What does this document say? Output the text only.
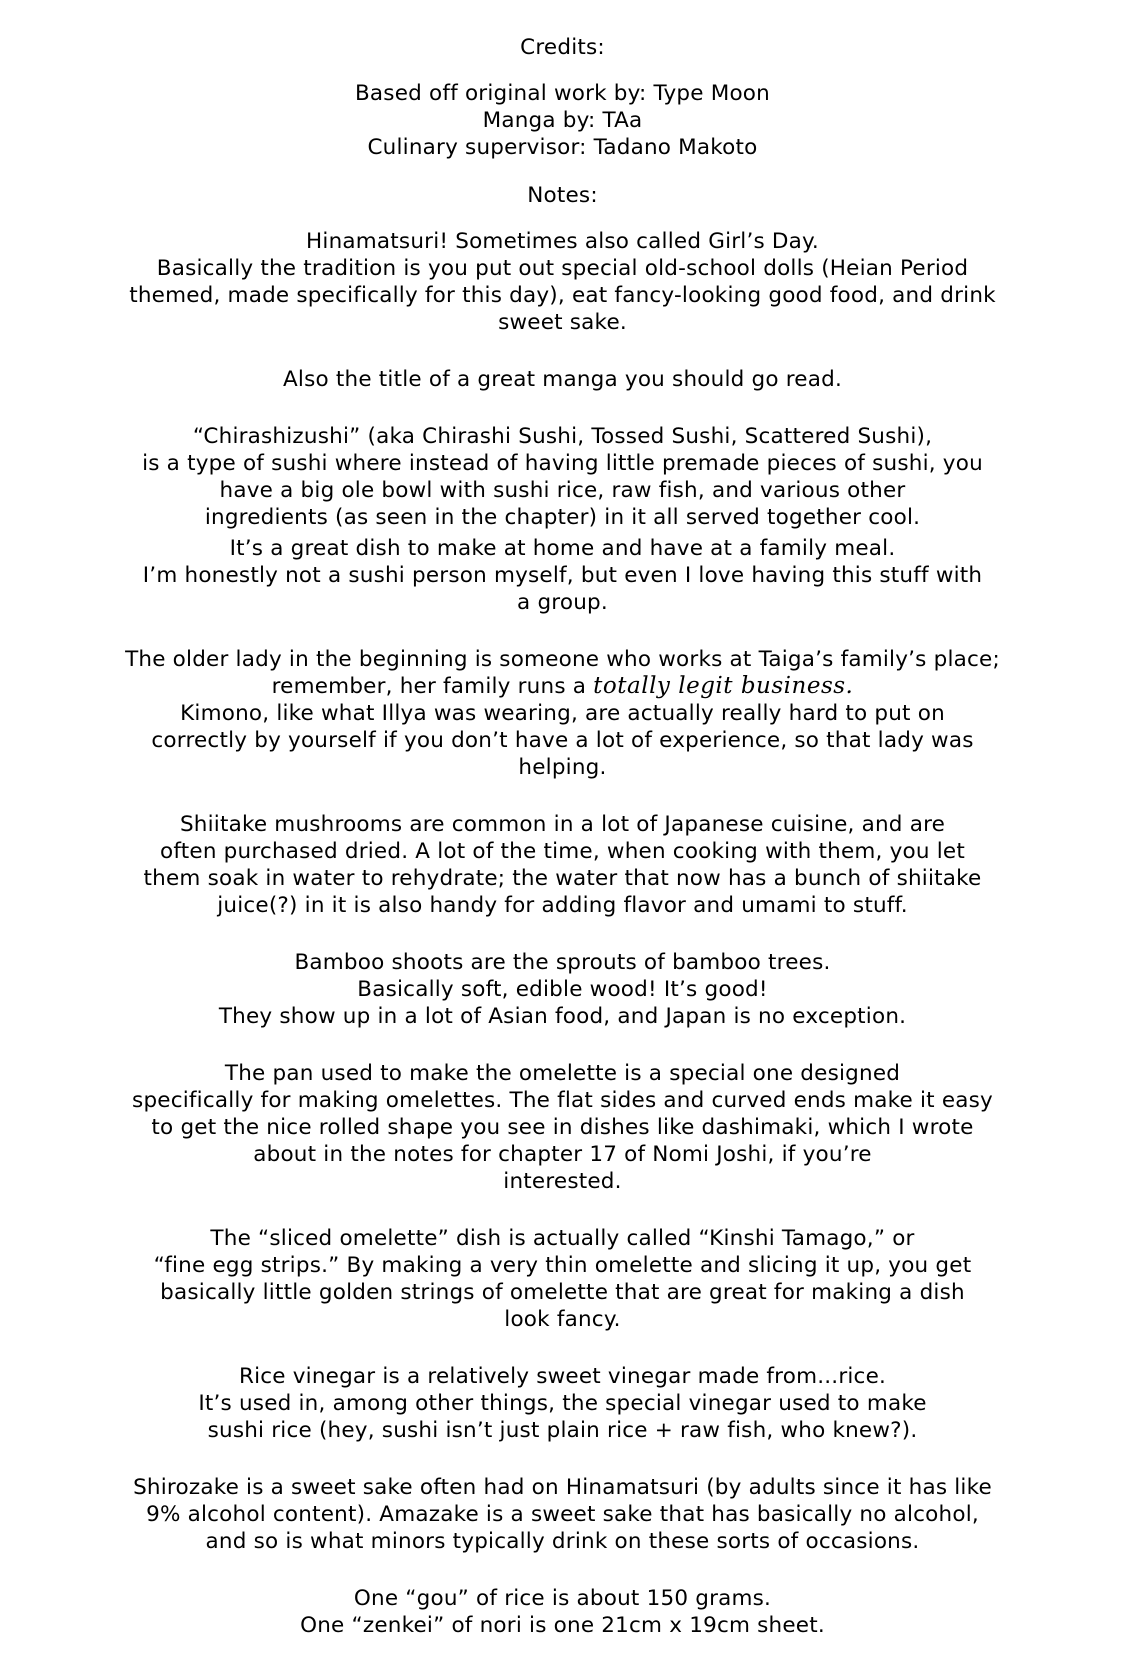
Credits:
Based off original work by: Type Moon
Manga by: TAa
Culinary supervisor: Tadano Makoto
Notes:

Hinamatsuri! Sometimes also called Girl’s Day.
Basically the tradition is you put out special old-school dolls (Heian Period
themed, made specifically for this day), eat fancy-looking good food, and drink
sweet sake.

Also the title of a great manga you should go read.

“Chirashizushi” (aka Chirashi Sushi, Tossed Sushi, Scattered Sushi),
is a type of sushi where instead of having little premade pieces of sushi, you
have a big ole bowl with sushi rice, raw fish, and various other
ingredients (as seen in the chapter) in it all served together cool.

It’s a great dish to make at home and have at a family meal.
I’m honestly not a sushi person myself, but even I love having this stuff with
a group.

The older lady in the beginning is someone who works at Taiga’s family’s place;
remember, her family runs a totally legit business.
Kimono, like what Illya was wearing, are actually really hard to put on
correctly by yourself if you don’t have a lot of experience, so that lady was
helping.

Shiitake mushrooms are common in a lot of Japanese cuisine, and are
often purchased dried. A lot of the time, when cooking with them, you let
them soak in water to rehydrate; the water that now has a bunch of shiitake
juice(?) in it is also handy for adding flavor and umami to stuff.

Bamboo shoots are the sprouts of bamboo trees.
Basically soft, edible wood! It’s good!
They show up in a lot of Asian food, and Japan is no exception.

The pan used to make the omelette is a special one designed
specifically for making omelettes. The flat sides and curved ends make it easy
to get the nice rolled shape you see in dishes like dashimaki, which I wrote
about in the notes for chapter 17 of Nomi Joshi, if you’re
interested.

The “sliced omelette” dish is actually called “Kinshi Tamago,” or
“fine egg strips.” By making a very thin omelette and slicing it up, you get
basically little golden strings of omelette that are great for making a dish
look fancy.

Rice vinegar is a relatively sweet vinegar made from...rice.
It’s used in, among other things, the special vinegar used to make
sushi rice (hey, sushi isn’t just plain rice + raw fish, who knew?).

Shirozake is a sweet sake often had on Hinamatsuri (by adults since it has like
9% alcohol content). Amazake is a sweet sake that has basically no alcohol,
and so is what minors typically drink on these sorts of occasions.

One “gou” of rice is about 150 grams.
One “zenkei” of nori is one 21cm x 19cm sheet.
